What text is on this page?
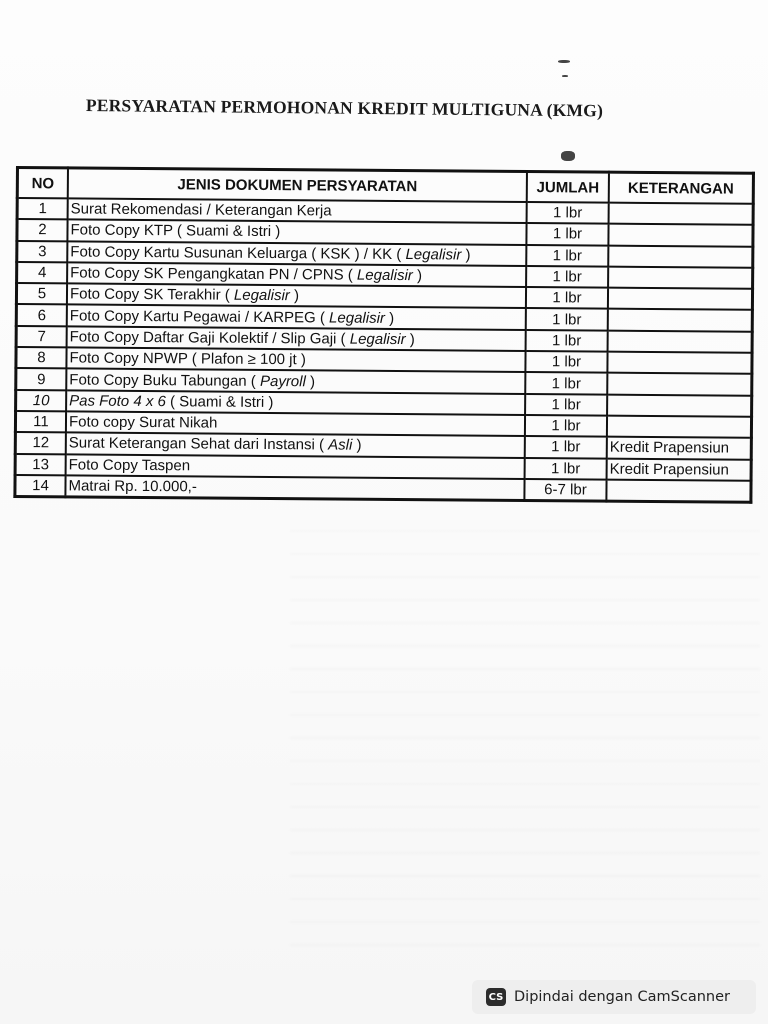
PERSYARATAN PERMOHONAN KREDIT MULTIGUNA (KMG)
NO	JENIS DOKUMEN PERSYARATAN	JUMLAH	KETERANGAN
1	Surat Rekomendasi / Keterangan Kerja	1 lbr	
2	Foto Copy KTP ( Suami & Istri )	1 lbr	
3	Foto Copy Kartu Susunan Keluarga ( KSK ) / KK ( Legalisir )	1 lbr	
4	Foto Copy SK Pengangkatan PN / CPNS ( Legalisir )	1 lbr	
5	Foto Copy SK Terakhir ( Legalisir )	1 lbr	
6	Foto Copy Kartu Pegawai / KARPEG ( Legalisir )	1 lbr	
7	Foto Copy Daftar Gaji Kolektif / Slip Gaji ( Legalisir )	1 lbr	
8	Foto Copy NPWP ( Plafon ≥ 100 jt )	1 lbr	
9	Foto Copy Buku Tabungan ( Payroll )	1 lbr	
10	Pas Foto 4 x 6 ( Suami & Istri )	1 lbr	
11	Foto copy Surat Nikah	1 lbr	
12	Surat Keterangan Sehat dari Instansi ( Asli )	1 lbr	Kredit Prapensiun
13	Foto Copy Taspen	1 lbr	Kredit Prapensiun
14	Matrai Rp. 10.000,-	6-7 lbr	
CS Dipindai dengan CamScanner
